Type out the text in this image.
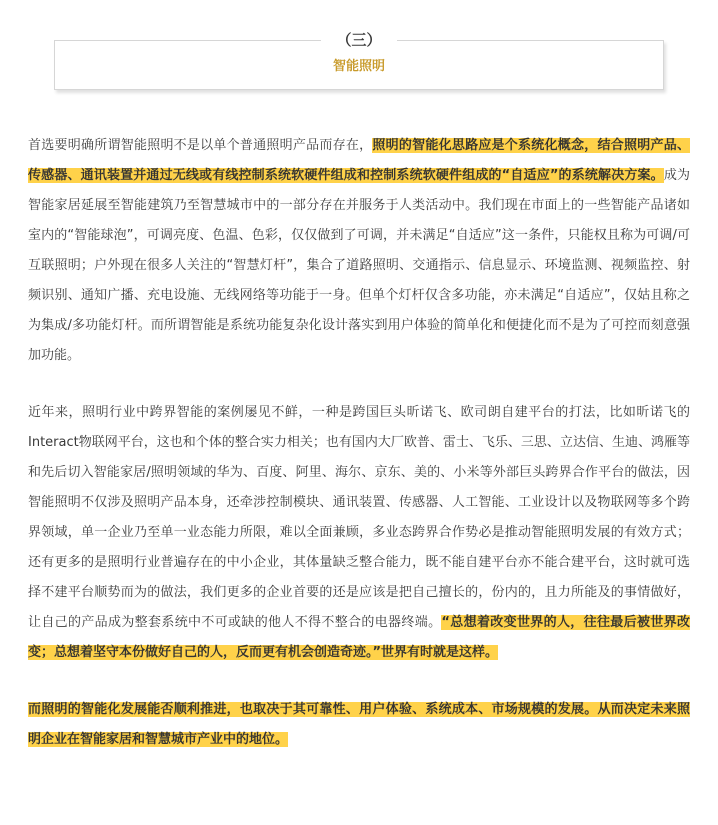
（三）
智能照明

首选要明确所谓智能照明不是以单个普通照明产品而存在，照明的智能化思路应是个系统化概念，结合照明产品、传感器、通讯装置并通过无线或有线控制系统软硬件组成和控制系统软硬件组成的“自适应”的系统解决方案。成为智能家居延展至智能建筑乃至智慧城市中的一部分存在并服务于人类活动中。我们现在市面上的一些智能产品诸如室内的“智能球泡”，可调亮度、色温、色彩，仅仅做到了可调，并未满足“自适应”这一条件，只能权且称为可调/可互联照明；户外现在很多人关注的“智慧灯杆”，集合了道路照明、交通指示、信息显示、环境监测、视频监控、射频识别、通知广播、充电设施、无线网络等功能于一身。但单个灯杆仅含多功能，亦未满足“自适应”，仅姑且称之为集成/多功能灯杆。而所谓智能是系统功能复杂化设计落实到用户体验的简单化和便捷化而不是为了可控而刻意强加功能。

近年来，照明行业中跨界智能的案例屡见不鲜，一种是跨国巨头昕诺飞、欧司朗自建平台的打法，比如昕诺飞的Interact物联网平台，这也和个体的整合实力相关；也有国内大厂欧普、雷士、飞乐、三思、立达信、生迪、鸿雁等和先后切入智能家居/照明领域的华为、百度、阿里、海尔、京东、美的、小米等外部巨头跨界合作平台的做法，因智能照明不仅涉及照明产品本身，还牵涉控制模块、通讯装置、传感器、人工智能、工业设计以及物联网等多个跨界领域，单一企业乃至单一业态能力所限，难以全面兼顾，多业态跨界合作势必是推动智能照明发展的有效方式；还有更多的是照明行业普遍存在的中小企业，其体量缺乏整合能力，既不能自建平台亦不能合建平台，这时就可选择不建平台顺势而为的做法，我们更多的企业首要的还是应该是把自己擅长的，份内的，且力所能及的事情做好，让自己的产品成为整套系统中不可或缺的他人不得不整合的电器终端。“总想着改变世界的人，往往最后被世界改变；总想着坚守本份做好自己的人，反而更有机会创造奇迹。”世界有时就是这样。

而照明的智能化发展能否顺利推进，也取决于其可靠性、用户体验、系统成本、市场规模的发展。从而决定未来照明企业在智能家居和智慧城市产业中的地位。
